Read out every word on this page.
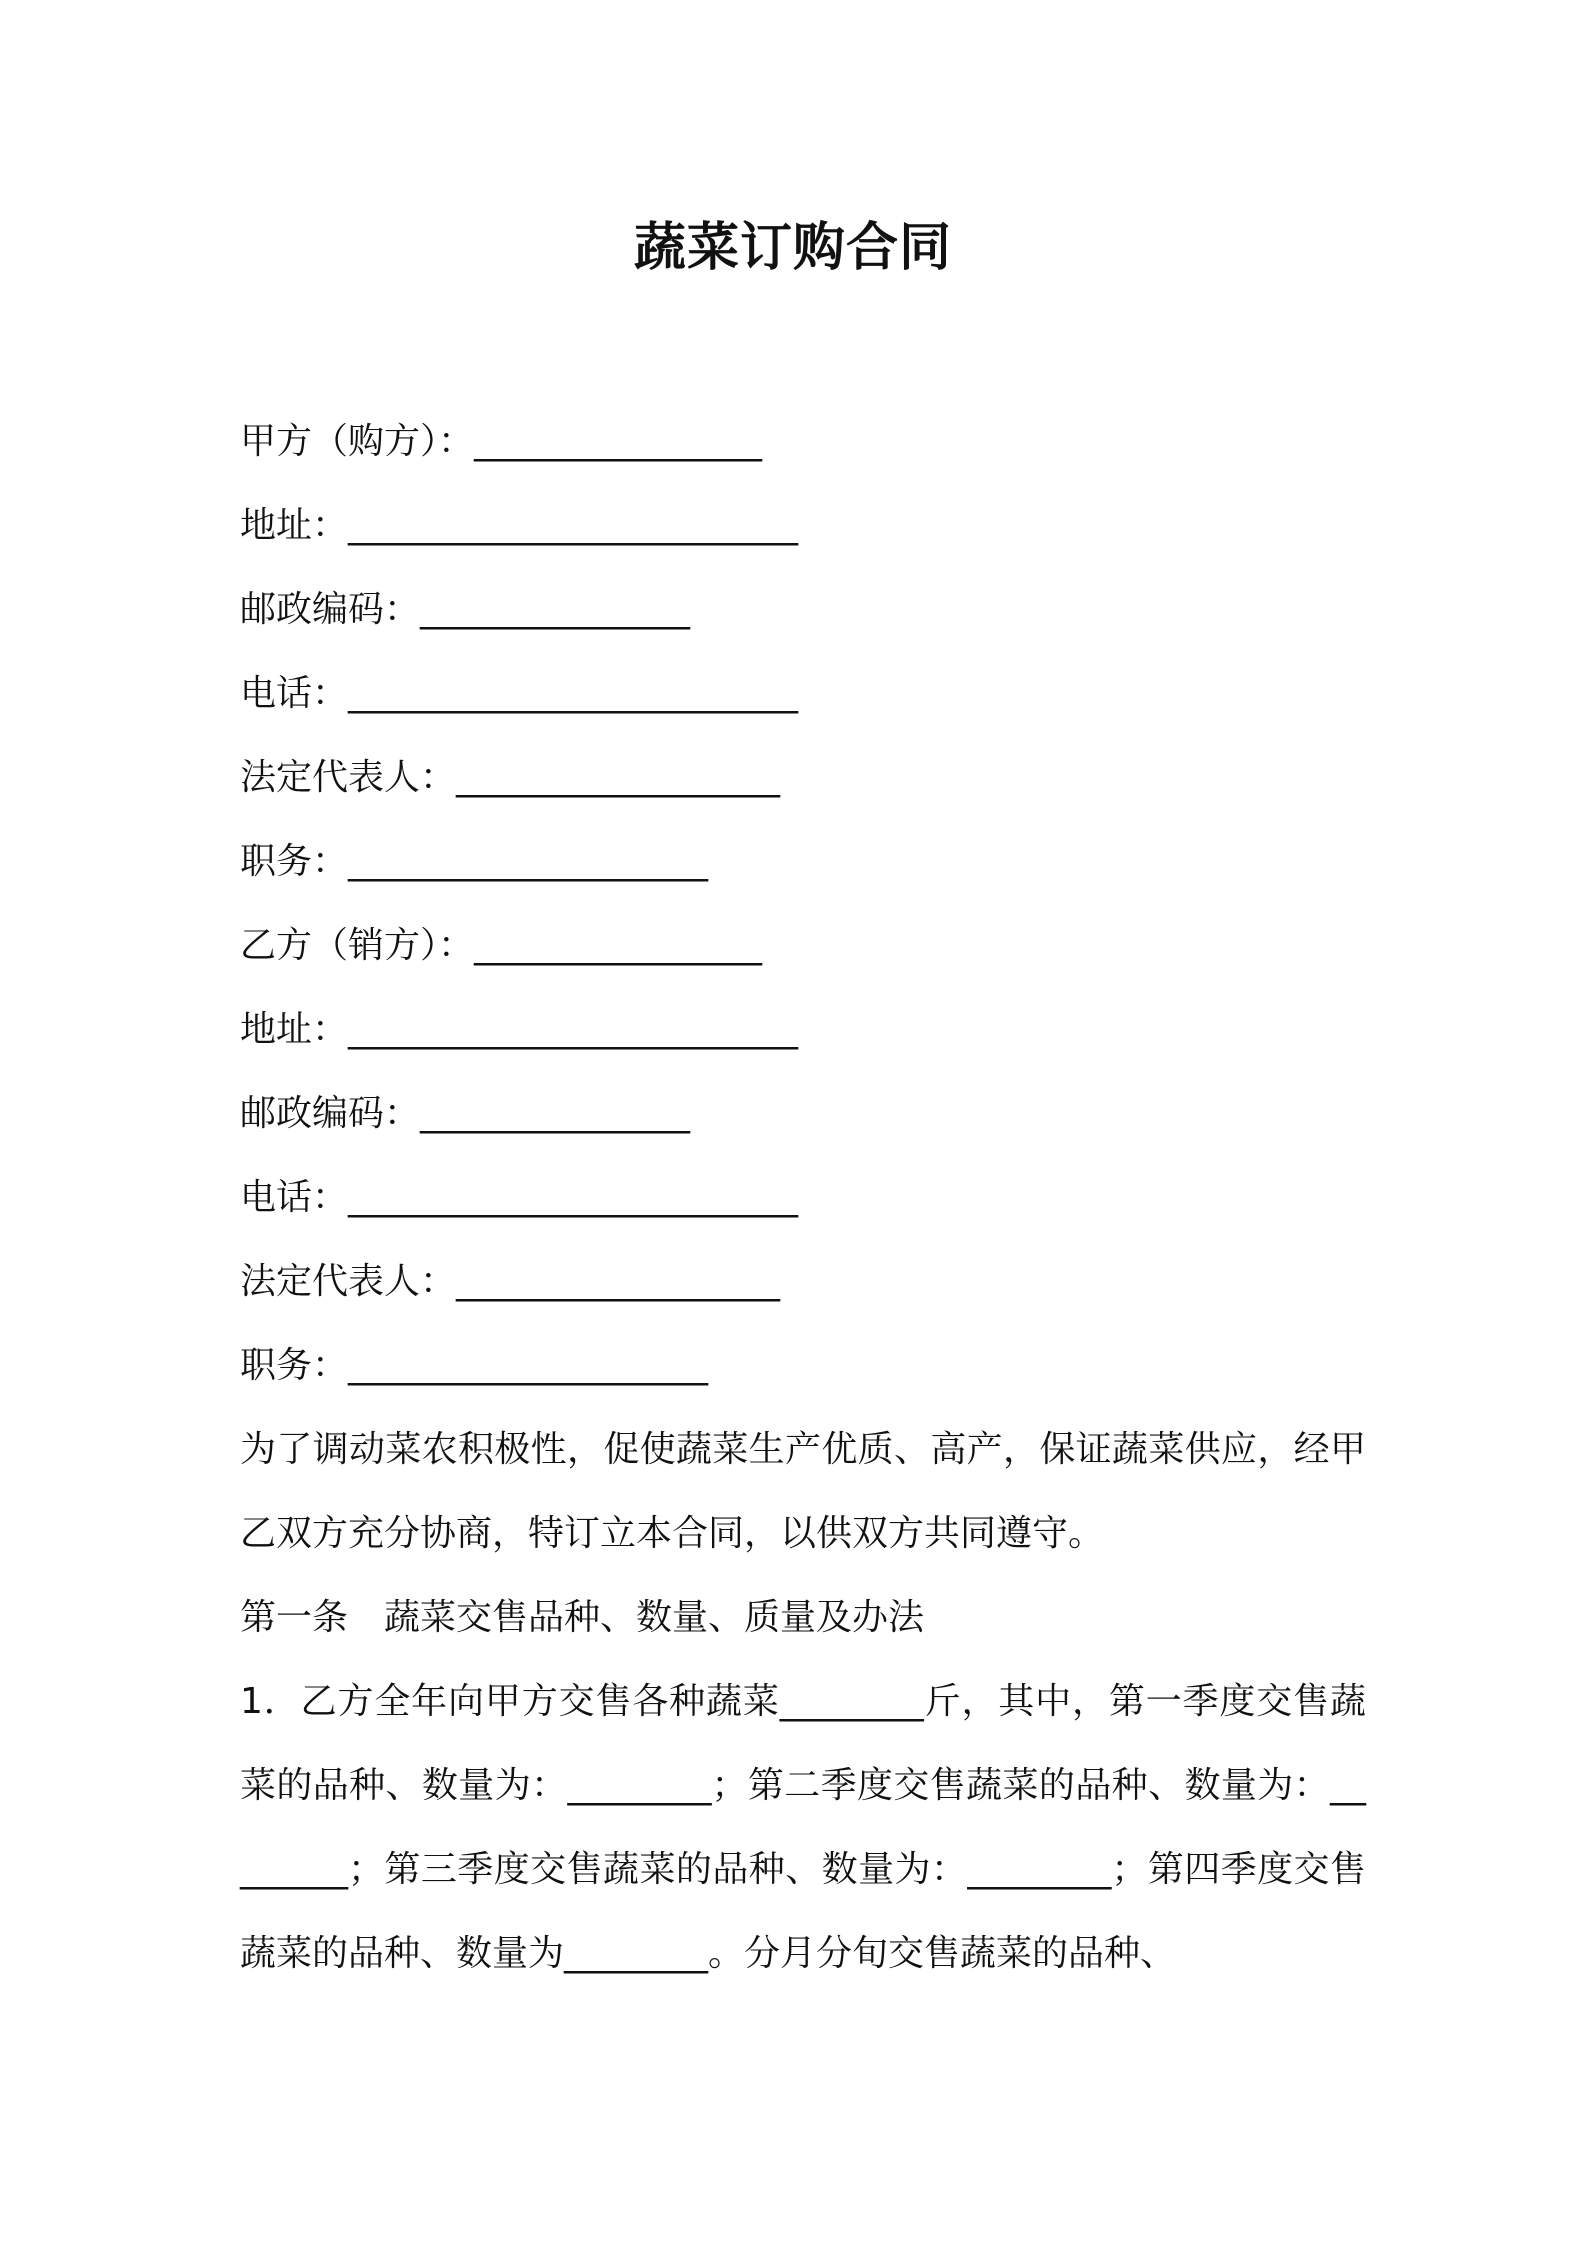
蔬菜订购合同
甲方（购方）：________________
地址：_________________________
邮政编码：_______________
电话：_________________________
法定代表人：__________________
职务：____________________
乙方（销方）：________________
地址：_________________________
邮政编码：_______________
电话：_________________________
法定代表人：__________________
职务：____________________
为了调动菜农积极性，促使蔬菜生产优质、高产，保证蔬菜供应，经甲乙双方充分协商，特订立本合同，以供双方共同遵守。
第一条　蔬菜交售品种、数量、质量及办法
1．乙方全年向甲方交售各种蔬菜________斤，其中，第一季度交售蔬菜的品种、数量为：________；第二季度交售蔬菜的品种、数量为：________；第三季度交售蔬菜的品种、数量为：________；第四季度交售蔬菜的品种、数量为________。分月分旬交售蔬菜的品种、
